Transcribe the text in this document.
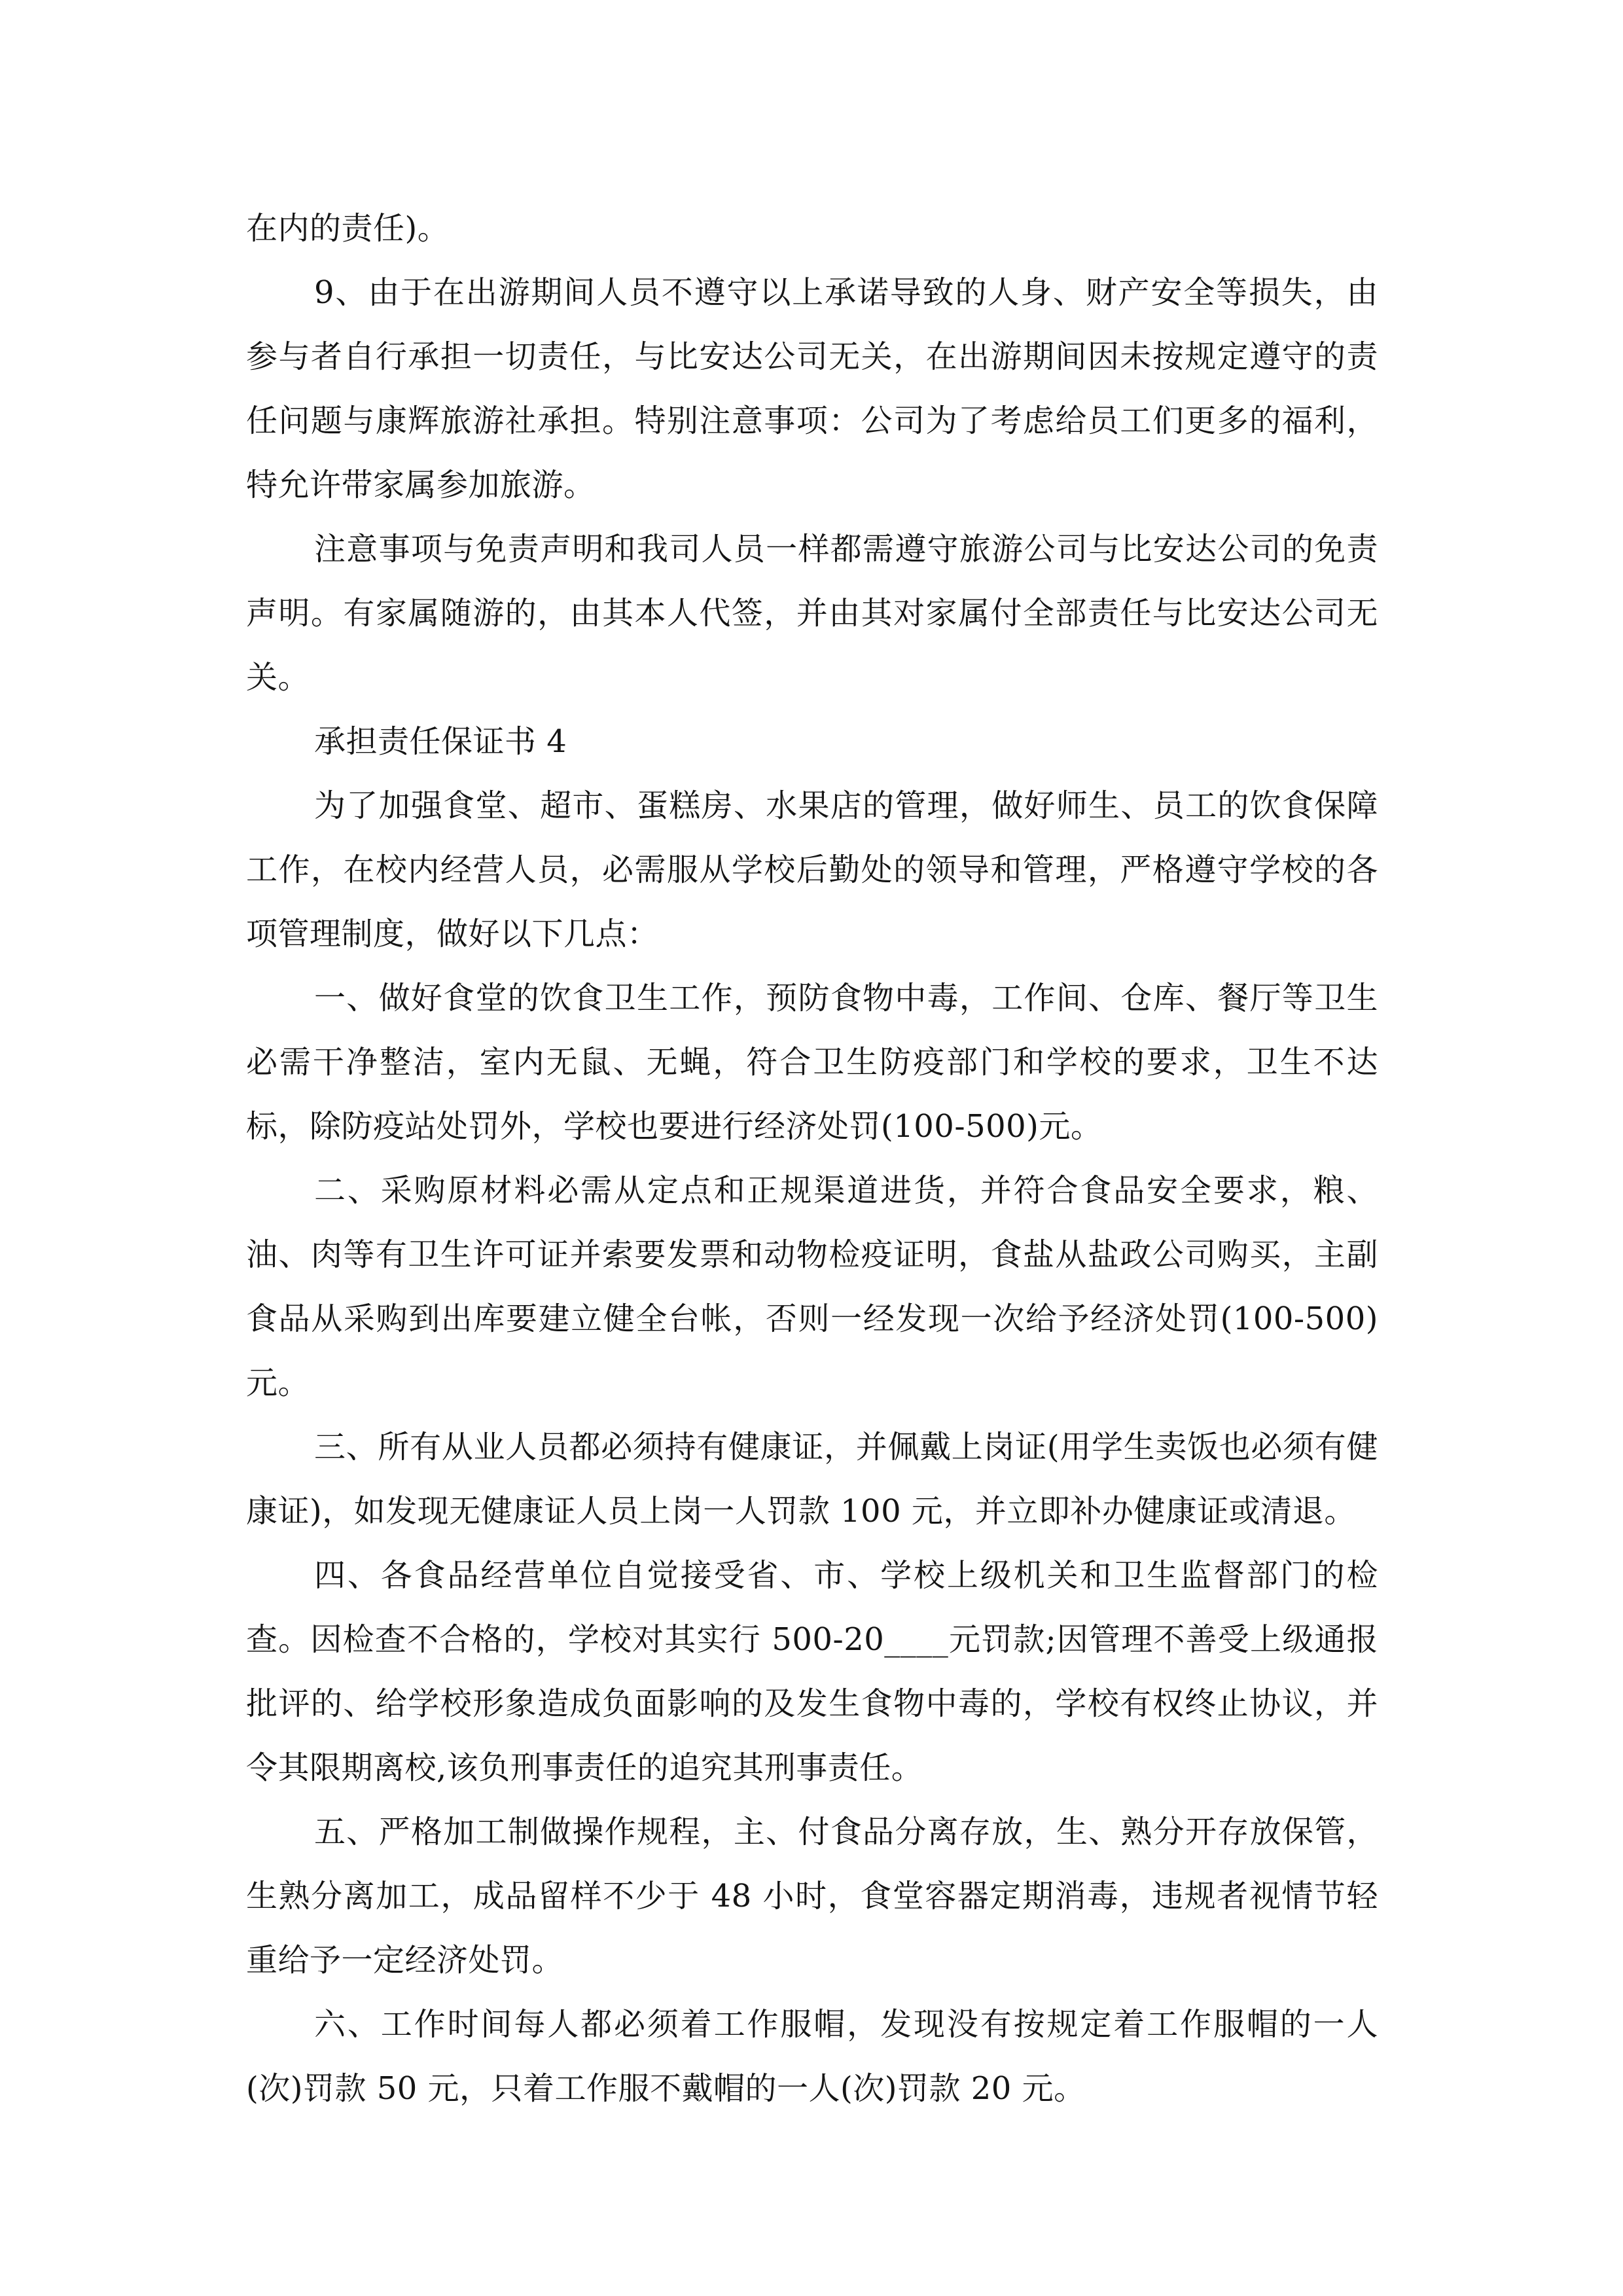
在内的责任)。

9、由于在出游期间人员不遵守以上承诺导致的人身、财产安全等损失，由参与者自行承担一切责任，与比安达公司无关，在出游期间因未按规定遵守的责任问题与康辉旅游社承担。特别注意事项：公司为了考虑给员工们更多的福利，特允许带家属参加旅游。

注意事项与免责声明和我司人员一样都需遵守旅游公司与比安达公司的免责声明。有家属随游的，由其本人代签，并由其对家属付全部责任与比安达公司无关。

承担责任保证书 4

为了加强食堂、超市、蛋糕房、水果店的管理，做好师生、员工的饮食保障工作，在校内经营人员，必需服从学校后勤处的领导和管理，严格遵守学校的各项管理制度，做好以下几点：

一、做好食堂的饮食卫生工作，预防食物中毒，工作间、仓库、餐厅等卫生必需干净整洁，室内无鼠、无蝇，符合卫生防疫部门和学校的要求，卫生不达标，除防疫站处罚外，学校也要进行经济处罚(100-500)元。

二、采购原材料必需从定点和正规渠道进货，并符合食品安全要求，粮、油、肉等有卫生许可证并索要发票和动物检疫证明，食盐从盐政公司购买，主副食品从采购到出库要建立健全台帐，否则一经发现一次给予经济处罚(100-500)元。

三、所有从业人员都必须持有健康证，并佩戴上岗证(用学生卖饭也必须有健康证)，如发现无健康证人员上岗一人罚款 100 元，并立即补办健康证或清退。

四、各食品经营单位自觉接受省、市、学校上级机关和卫生监督部门的检查。因检查不合格的，学校对其实行 500-20____元罚款;因管理不善受上级通报批评的、给学校形象造成负面影响的及发生食物中毒的，学校有权终止协议，并令其限期离校,该负刑事责任的追究其刑事责任。

五、严格加工制做操作规程，主、付食品分离存放，生、熟分开存放保管，生熟分离加工，成品留样不少于 48 小时，食堂容器定期消毒，违规者视情节轻重给予一定经济处罚。

六、工作时间每人都必须着工作服帽，发现没有按规定着工作服帽的一人(次)罚款 50 元，只着工作服不戴帽的一人(次)罚款 20 元。
